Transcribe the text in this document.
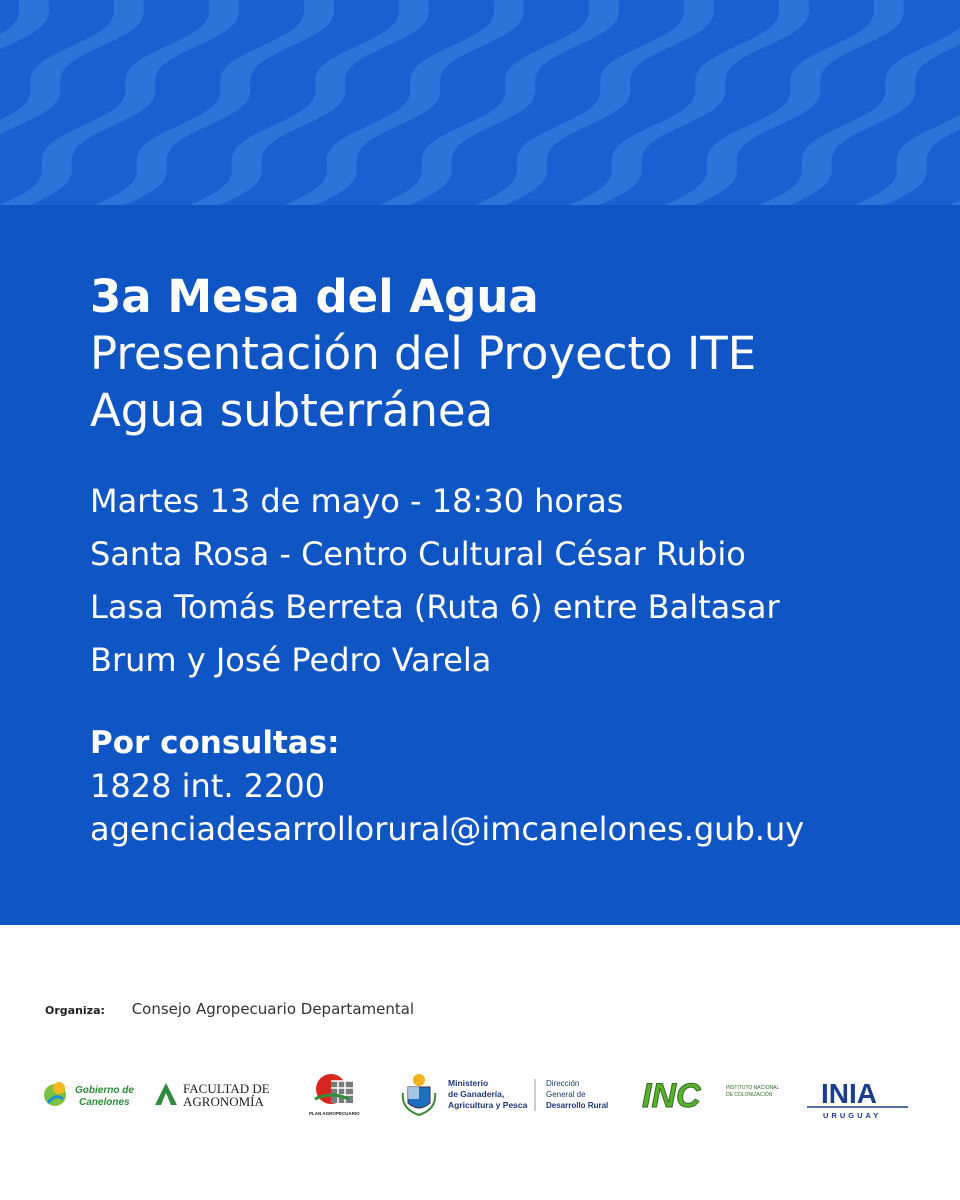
3a Mesa del Agua
Presentación del Proyecto ITE
Agua subterránea
Martes 13 de mayo - 18:30 horas
Santa Rosa - Centro Cultural César Rubio
Lasa Tomás Berreta (Ruta 6) entre Baltasar
Brum y José Pedro Varela
Por consultas:
1828 int. 2200
agenciadesarrollorural@imcanelones.gub.uy
Organiza: Consejo Agropecuario Departamental
Gobierno de
Canelones
FACULTAD DE
AGRONOMÍA
PLAN AGROPECUARIO
Ministerio
de Ganadería,
Agricultura y Pesca
Dirección
General de
Desarrollo Rural INC	INSTITUTO NACIONAL
DE COLONIZACIÓN INIA
URUGUAY
